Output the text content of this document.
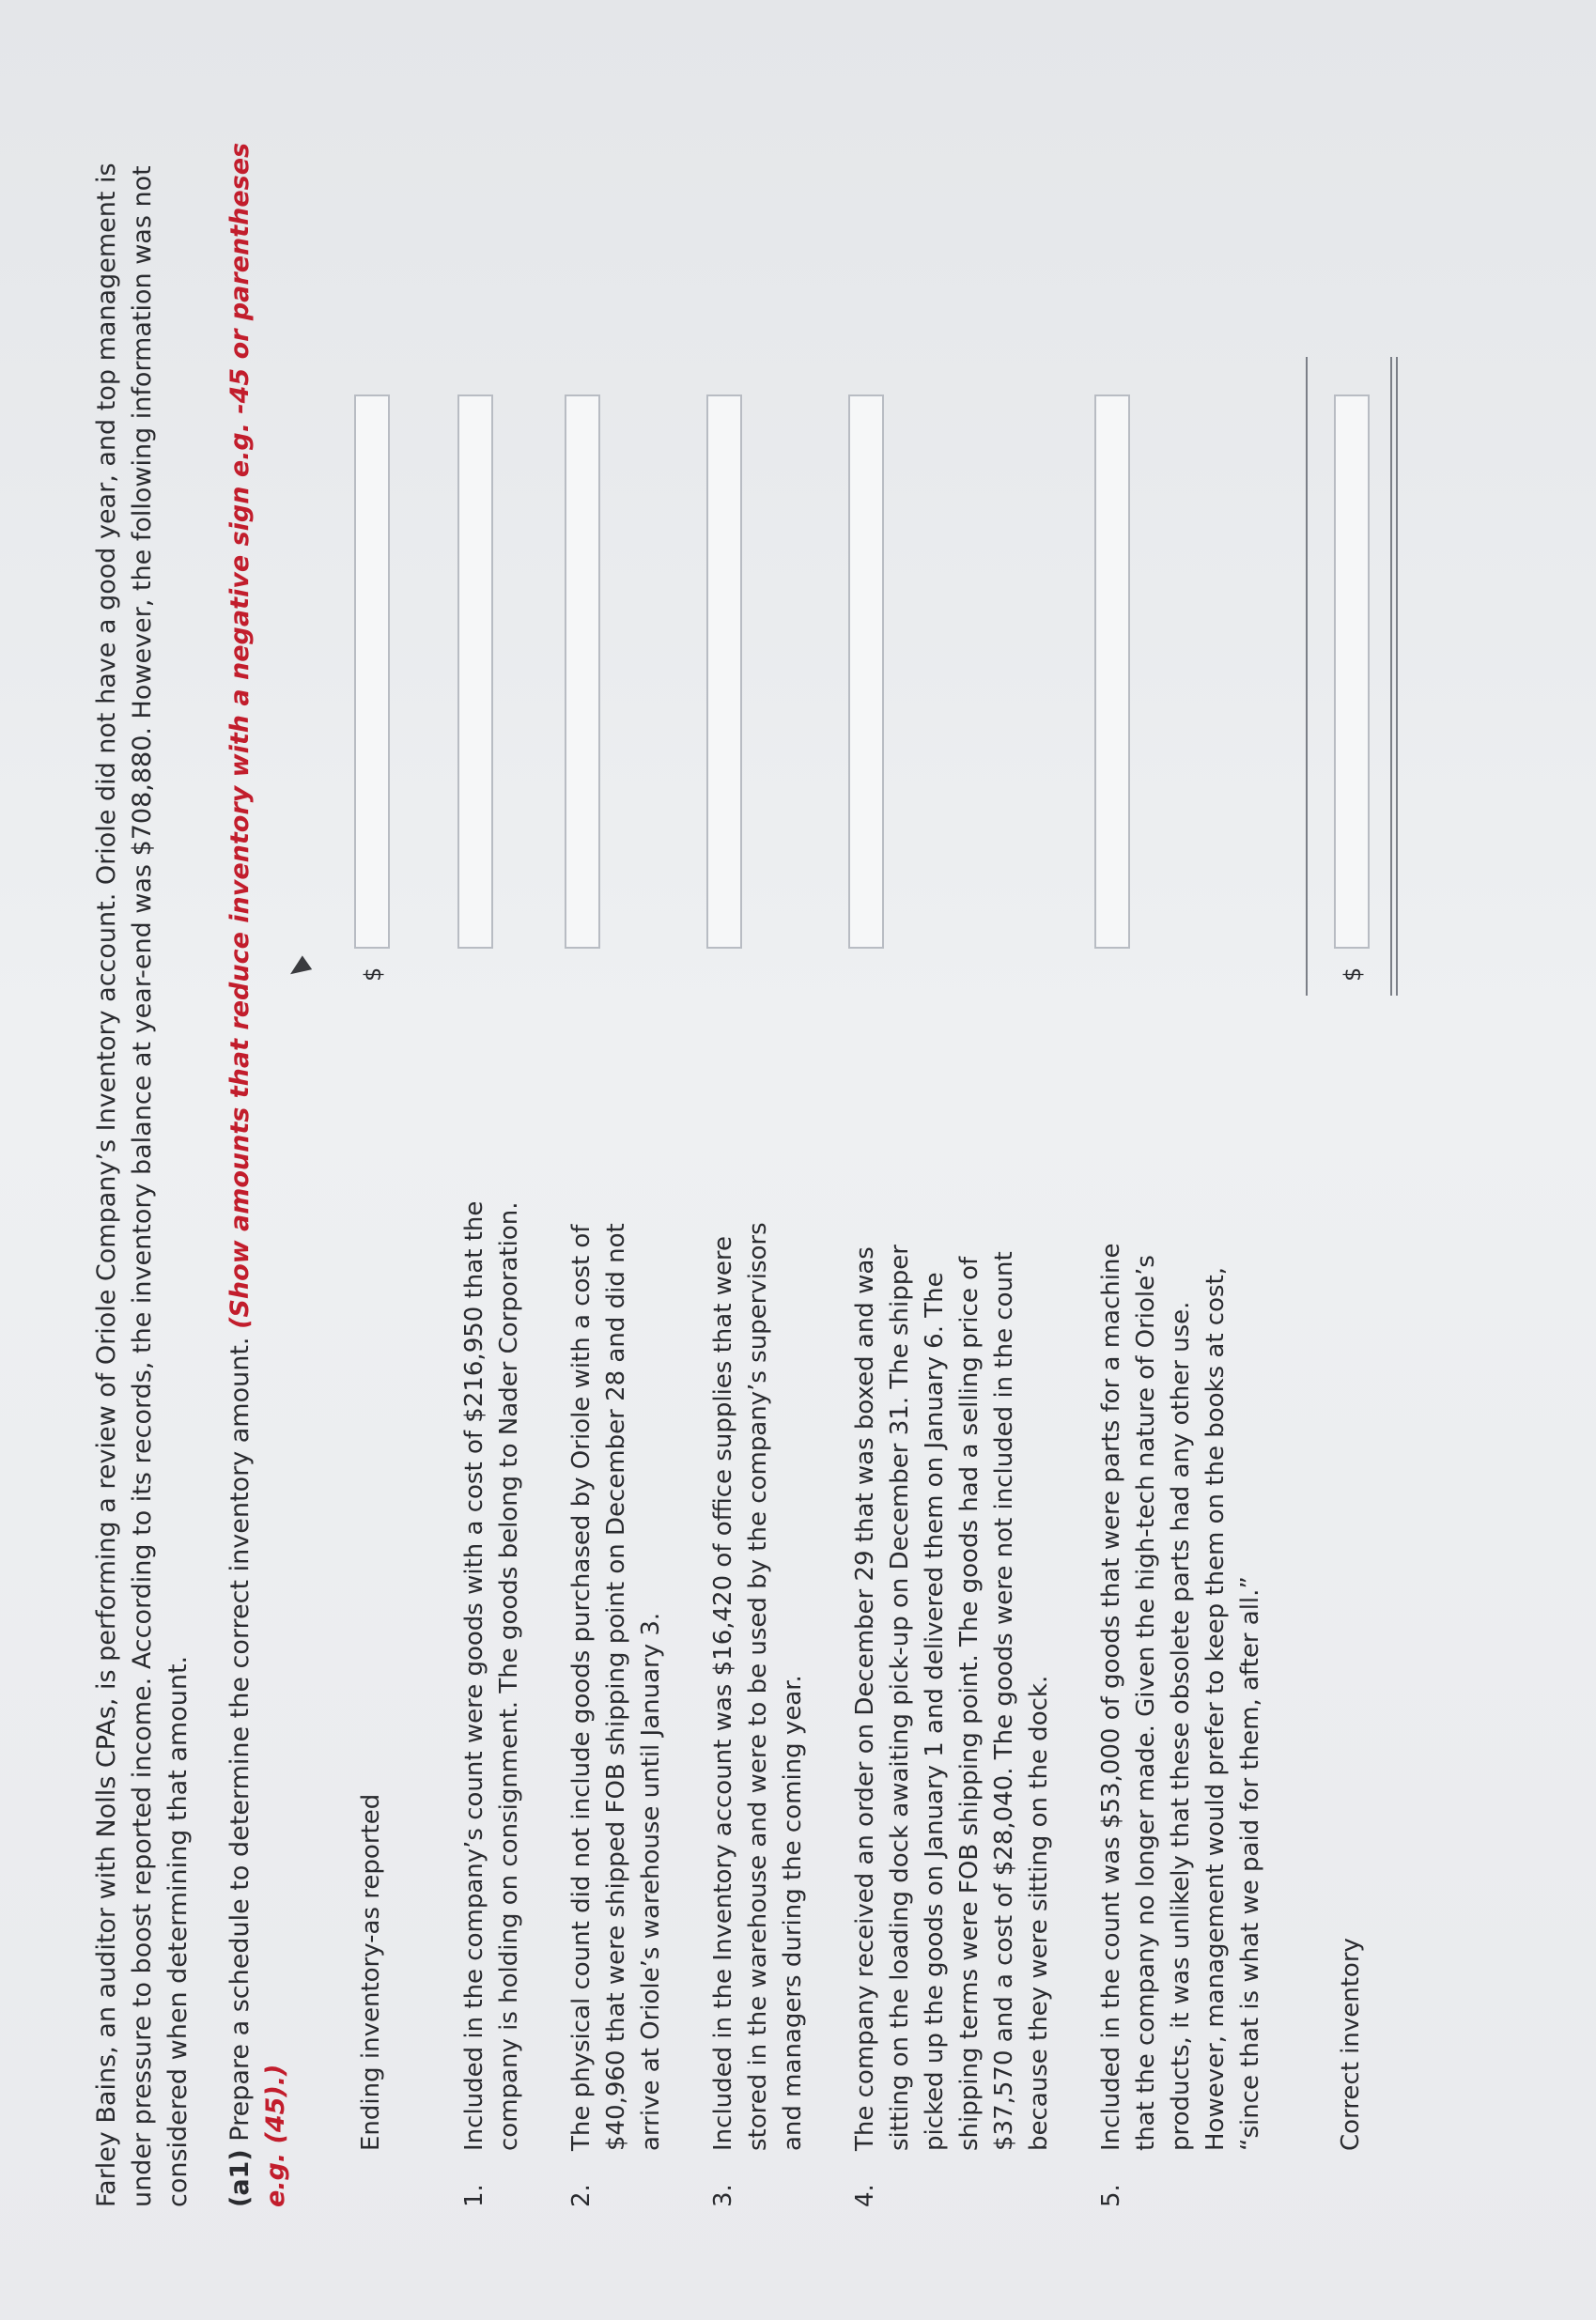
Farley Bains, an auditor with Nolls CPAs, is performing a review of Oriole Company’s Inventory account. Oriole did not have a good year, and top management is under pressure to boost reported income. According to its records, the inventory balance at year-end was $708,880. However, the following information was not considered when determining that amount. (a1) Prepare a schedule to determine the correct inventory amount. (Show amounts that reduce inventory with a negative sign e.g. -45 or parentheses e.g. (45).)	Ending inventory-as reported
$
1.
Included in the company’s count were goods with a cost of $216,950 that the company is holding on consignment. The goods belong to Nader Corporation.
2.
The physical count did not include goods purchased by Oriole with a cost of $40,960 that were shipped FOB shipping point on December 28 and did not arrive at Oriole’s warehouse until January 3.
3.
Included in the Inventory account was $16,420 of office supplies that were stored in the warehouse and were to be used by the company’s supervisors and managers during the coming year.
4.
The company received an order on December 29 that was boxed and was sitting on the loading dock awaiting pick-up on December 31. The shipper picked up the goods on January 1 and delivered them on January 6. The shipping terms were FOB shipping point. The goods had a selling price of $37,570 and a cost of $28,040. The goods were not included in the count because they were sitting on the dock.
5.
Included in the count was $53,000 of goods that were parts for a machine that the company no longer made. Given the high-tech nature of Oriole’s products, it was unlikely that these obsolete parts had any other use. However, management would prefer to keep them on the books at cost, “since that is what we paid for them, after all.”	Correct inventory
$
